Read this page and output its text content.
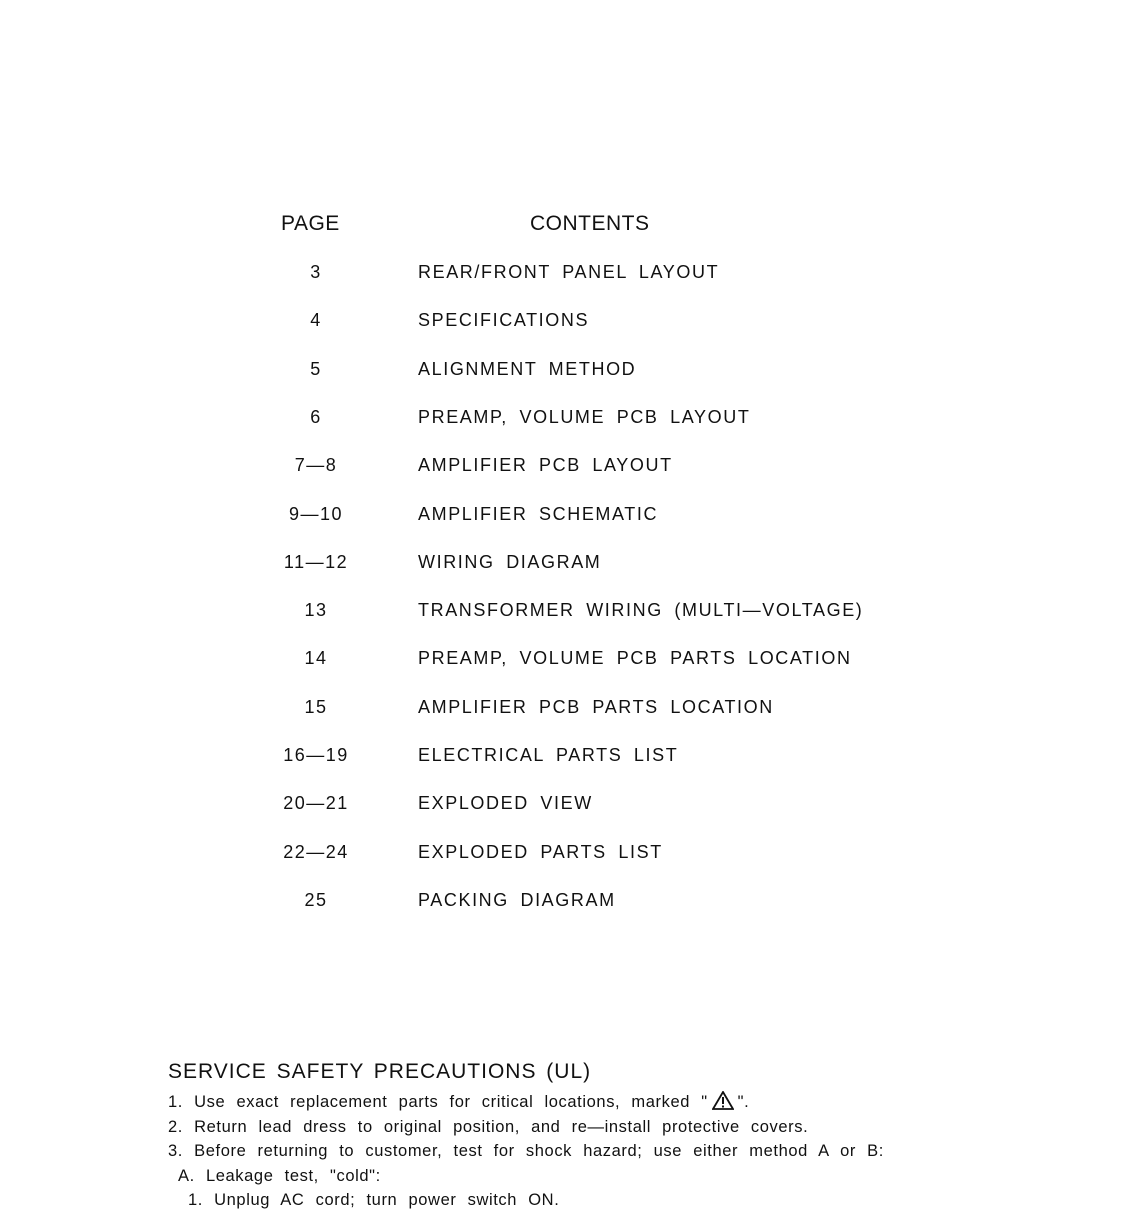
PAGE	CONTENTS
3	REAR/FRONT PANEL LAYOUT
4	SPECIFICATIONS
5	ALIGNMENT METHOD
6	PREAMP, VOLUME PCB LAYOUT
7—8	AMPLIFIER PCB LAYOUT
9—10	AMPLIFIER SCHEMATIC
11—12	WIRING DIAGRAM
13	TRANSFORMER WIRING (MULTI—VOLTAGE)
14	PREAMP, VOLUME PCB PARTS LOCATION
15	AMPLIFIER PCB PARTS LOCATION
16—19	ELECTRICAL PARTS LIST
20—21	EXPLODED VIEW
22—24	EXPLODED PARTS LIST
25	PACKING DIAGRAM
SERVICE SAFETY PRECAUTIONS (UL)
1. Use exact replacement parts for critical locations, marked " ".
2. Return lead dress to original position, and re—install protective covers.
3. Before returning to customer, test for shock hazard; use either method A or B:
A. Leakage test, "cold":
1. Unplug AC cord; turn power switch ON.
